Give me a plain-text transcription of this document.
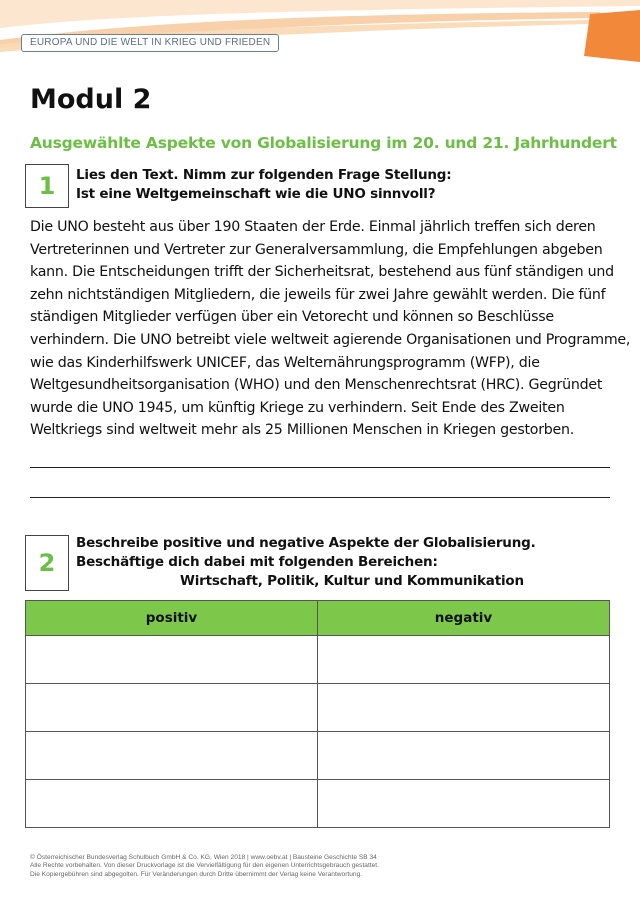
EUROPA UND DIE WELT IN KRIEG UND FRIEDEN
Modul 2
Ausgewählte Aspekte von Globalisierung im 20. und 21. Jahrhundert
1	Lies den Text. Nimm zur folgenden Frage Stellung:
Ist eine Weltgemeinschaft wie die UNO sinnvoll?
Die UNO besteht aus über 190 Staaten der Erde. Einmal jährlich treffen sich deren
Vertreterinnen und Vertreter zur Generalversammlung, die Empfehlungen abgeben
kann. Die Entscheidungen trifft der Sicherheitsrat, bestehend aus fünf ständigen und
zehn nichtständigen Mitgliedern, die jeweils für zwei Jahre gewählt werden. Die fünf
ständigen Mitglieder verfügen über ein Vetorecht und können so Beschlüsse
verhindern. Die UNO betreibt viele weltweit agierende Organisationen und Programme,
wie das Kinderhilfswerk UNICEF, das Welternährungsprogramm (WFP), die
Weltgesundheitsorganisation (WHO) und den Menschenrechtsrat (HRC). Gegründet
wurde die UNO 1945, um künftig Kriege zu verhindern. Seit Ende des Zweiten
Weltkriegs sind weltweit mehr als 25 Millionen Menschen in Kriegen gestorben.
2
Beschreibe positive und negative Aspekte der Globalisierung.
Beschäftige dich dabei mit folgenden Bereichen:
Wirtschaft, Politik, Kultur und Kommunikation
positiv	negativ

© Österreichischer Bundesverlag Schulbuch GmbH & Co. KG, Wien 2018 | www.oebv.at | Bausteine Geschichte SB 34
Alle Rechte vorbehalten. Von dieser Druckvorlage ist die Vervielfältigung für den eigenen Unterrichtsgebrauch gestattet.
Die Kopiergebühren sind abgegolten. Für Veränderungen durch Dritte übernimmt der Verlag keine Verantwortung.
